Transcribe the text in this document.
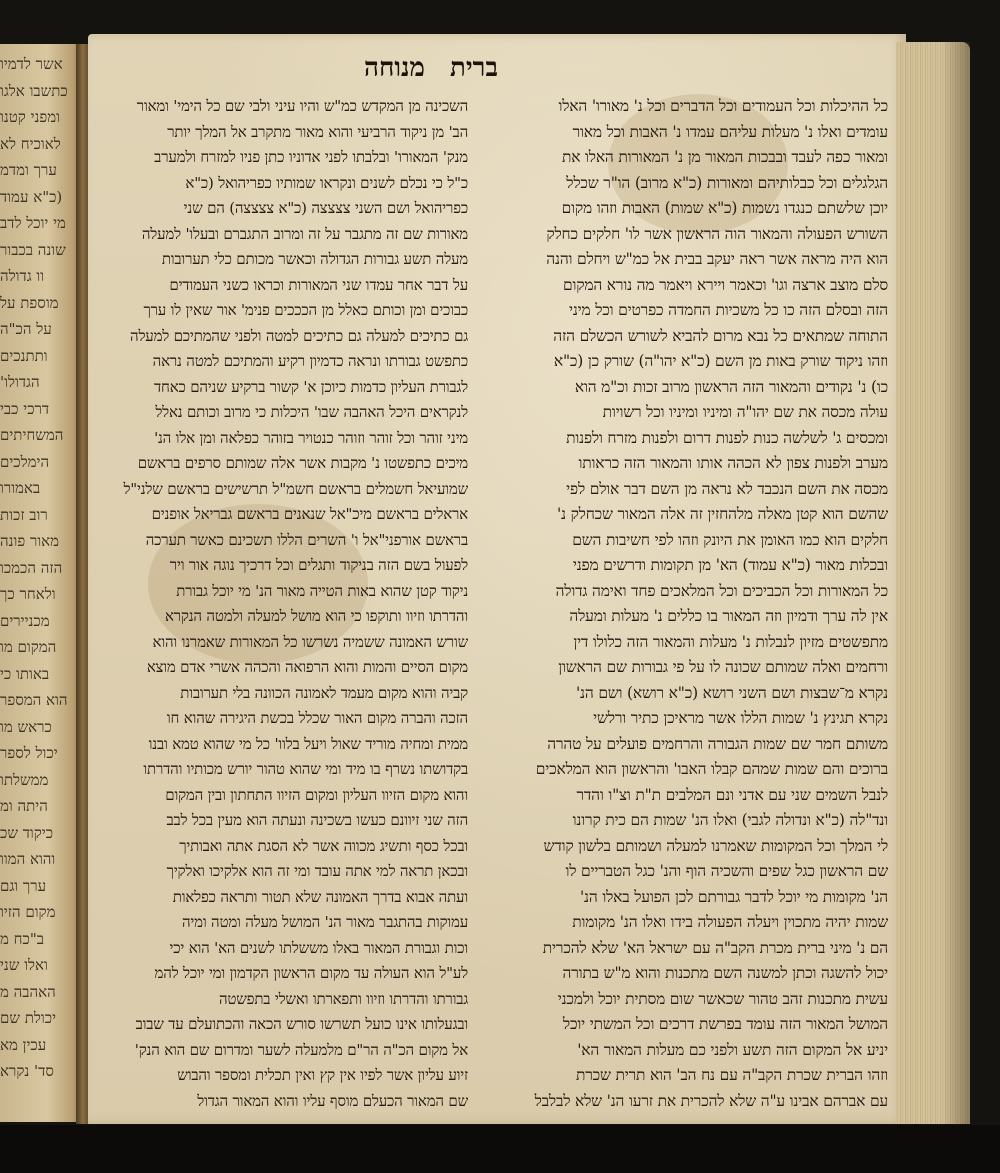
אשר לדמיו
כתשבו אלגו
ומפני קטנו
לאוכיח לא
ערך ומדמ
(כ"א עמוד
מי יוכל לדב
שונה בכבור
וו גדולה
מוספת על
על הכ"ה
ותתנכים
הגדולו'
דרכי כבי
המשחיתים
הימלכים
באמורו
רוב זכות
מאור פונה
הזה הכמכו
ולאחר כך
מכניירים
המקום מו
באותו כי
הוא המספר
כראש מו
יכול לספר
ממשלתו
היתה ומ
כיקוד שכ
והוא המוו
ערך וגם
מקום הזיו
ב"כח מ
ואלו שני
האהבה מ
יכולת שם
עכין מא
סד' נקרא
ברית
מנוחה
כל ההיכלות וכל העמודים וכל הדברים וכל נ' מאורו' האלו
עומדים ואלו נ' מעלות עליהם עמדו נ' האבות וכל מאור
ומאור כפה לעבד ובבכות המאור מן נ' המאורות האלו את
הגלגלים וכל כבלותיהם ומאורות (כ"א מרוב) הו"ר שכלל
יוכן שלשתם כנגדו נשמות (כ"א שמות) האבות וזהו מקום
השורש הפעולה והמאור הוה הראשון אשר לו' חלקים כחלק
הוא היה מראה אשר ראה יעקב בבית אל כמ"ש ויחלם והנה
סלם מוצב ארצה וגו' וכאמר ויירא ויאמר מה נורא המקום
הזה ובסלם הזה כו כל משכיות החמדה כפרטים וכל מיני
התוחה שמתאים כל נבא מרום להביא לשורש הכשלם הזה
וזהו ניקוד שורק באות מן השם (כ"א יהו"ה) שורק כן (כ"א
כו) נ' נקודים והמאור הזה הראשון מרוב זכות וכ"מ הוא
עולה מכסה את שם יהו"ה ומיניו ומיניו וכל רשויות
ומכסים ג' לשלשה כנות לפנות דרום ולפנות מזרח ולפנות
מערב ולפנות צפון לא הכהה אותו והמאור הזה כראותו
מכסה את השם הנכבד לא נראה מן השם דבר אולם לפי
שהשם הוא קטן מאלה מלהחזין זה אלה המאור שכחלק נ'
חלקים הוא כמו האומן את היונק וזהו לפי חשיבות השם
ובכלות מאור (כ"א עמוד) הא' מן תקומות ודרשים מפני
כל המאורות וכל הכביכים וכל המלאכים פחד ואימה גדולה
אין לה ערך ודמיון וזה המאור בו כללים נ' מעלות ומעלה
מתפשטים מזיון לנבלות נ' מעלות והמאור הזה כלולו דין
ורחמים ואלה שמותם שכונה לו על פי גבורות שם הראשון
נקרא מ־שבצות ושם השני רושא (כ"א רושא) ושם הנ'
נקרא תגינץ נ' שמות הללו אשר מראיכן כתיר ורלשי
משותם חמר שם שמות הגבורה והרחמים פועלים על טהרה
ברוכים והם שמות שמהם קבלו האבו' והראשון הוא המלאכים
לנבל השמים שני עם אדני ונם המלבים ת"ת וצ"ו והדר
ונד"לה (כ"א ונדולה לגבי) ואלו הנ' שמות הם כית קרונו
לי המלך וכל המקומות שאמרנו למעלה ושמותם בלשון קודש
שם הראשון כגל שפים והשכיה הוף והנ' כגל הטבריים לו
הנ' מקומות מי יוכל לדבר גבורתם לכן הפועל באלו הנ'
שמות יהיה מתכוין ויעלה הפעולה בידו ואלו הנ' מקומות
הם נ' מיני ברית מכרת הקב"ה עם ישראל הא' שלא להכרית
יכול להשגה וכתן למשנה השם מתכנות והוא מ"ש בתורה
עשית מתכנות זהב טהור שכאשר שום מסתית יוכל ולמכני
המושל המאור הזה עומד בפרשת דרכים וכל המשתי יוכל
יניע אל המקום הזה תשע ולפני כם מעלות המאור הא'
וזהו הברית שכרת הקב"ה עם נח הב' הוא תרית שכרת
עם אברהם אבינו ע"ה שלא להכרית את זרעו הנ' שלא לבלבל
השכינה מן המקדש כמ"ש והיו עיני ולבי שם כל הימי' ומאור
הב' מן ניקוד הרביעי והוא מאור מתקרב אל המלך יותר
מנק' המאורו' ובלבתו לפני אדוניו כתן פניו למזרח ולמערב
כ"ל כי נכלם לשנים ונקראו שמותיו כפריהואל (כ"א
כפריהואל ושם השני צצצצה (כ"א צצצצה) הם שני
מאורות שם זה מתגבר על זה ומרוב התגברם ובעלו' למעלה
מעלה תשע גבורות הגדולה וכאשר מכותם כלי תערובות
על דבר אחר עמדו שני המאורות וכראו כשני העמודים
כבוכים ומן וכותם כאלל מן הכככים פנימ' אור שאין לו ערך
גם כתיכים למעלה גם כתיכים למטה ולפני שהמתיכם למעלה
כתפשט גבורתו ונראה כדמיון רקיע והמתיכם למטה נראה
לגבורת העליון כדמות כיוכן א' קשור ברקיע שניהם כאחד
לנקראים היכל האהבה שבו' היכלות כי מרוב וכותם נאלל
מיני זוהר וכל זוהר וזוהר כנטויר בזוהר כפלאה ומן אלו הנ'
מיכים כתפשטו נ' מקבות אשר אלה שמותם סרפים בראשם
שמועיאל חשמלים בראשם חשמ"ל תרשישים בראשם שלני"ל
אראלים בראשם מיכ"אל שנאנים בראשם גבריאל אופנים
בראשם אורפני"אל ו' השרים הללו תשכינם כאשר תערכה
לפעול בשם הזה בניקוד ותגלים וכל דרכיך נוגה אור ויר
ניקוד קטן שהוא באות הטייה מאור הנ' מי יוכל גבורת
והדרתו וזיוו ותוקפו כי הוא מושל למעלה ולמטה הנקרא
שורש האמונה ששמיה נשרשו כל המאורות שאמרנו והוא
מקום הסיים והמות והוא הרפואה והכהה אשרי אדם מוצא
קביה והוא מקום מעמד לאמונה הכוונה בלי תערובות
הזכה והברה מקום האור שכלל בכשת היגירה שהוא חו
ממית ומחיה מוריד שאול ויעל בלוו' כל מי שהוא טמא ובנו
בקדושתו נשרף בו מיד ומי שהוא טהור יורש מכותיו והדרתו
והוא מקום הזיוו העליון ומקום הזיוו התחתון ובין המקום
הזה שני זיוונם כעשו בשכינה ונעתה הוא מעין בכל לבב
ובכל כסף ותשיג מכווה אשר לא הסגת אתה ואבותיך
ובכאן תראה למי אתה עובד ומי זה הוא אלקיכו ואלקיך
ועתה אבוא בדרך האמונה שלא תטור ותראה כפלאות
עמוקות בהתגבר מאור הנ' המושל מעלה ומטה ומיה
וכות וגבורת המאור באלו מששלתו לשנים הא' הוא יכי
לע"ל הוא העולה עד מקום הראשון הקדמון ומי יוכל להמ
גבורתו והדרתו וזיוו ותפארתו ואשלי בתפשטה
ובגעלותו אינו כועל תשרשו סורש הכאה והכתועלם עד שבוב
אל מקום הכ"ה הר"ם מלמעלה לשער ומדרום שם הוא הנק'
זיוע עליון אשר לפיו אין קץ ואין תכלית ומספר והבוש
שם המאור הכעלם מוסף עליו והוא המאור הגדול
